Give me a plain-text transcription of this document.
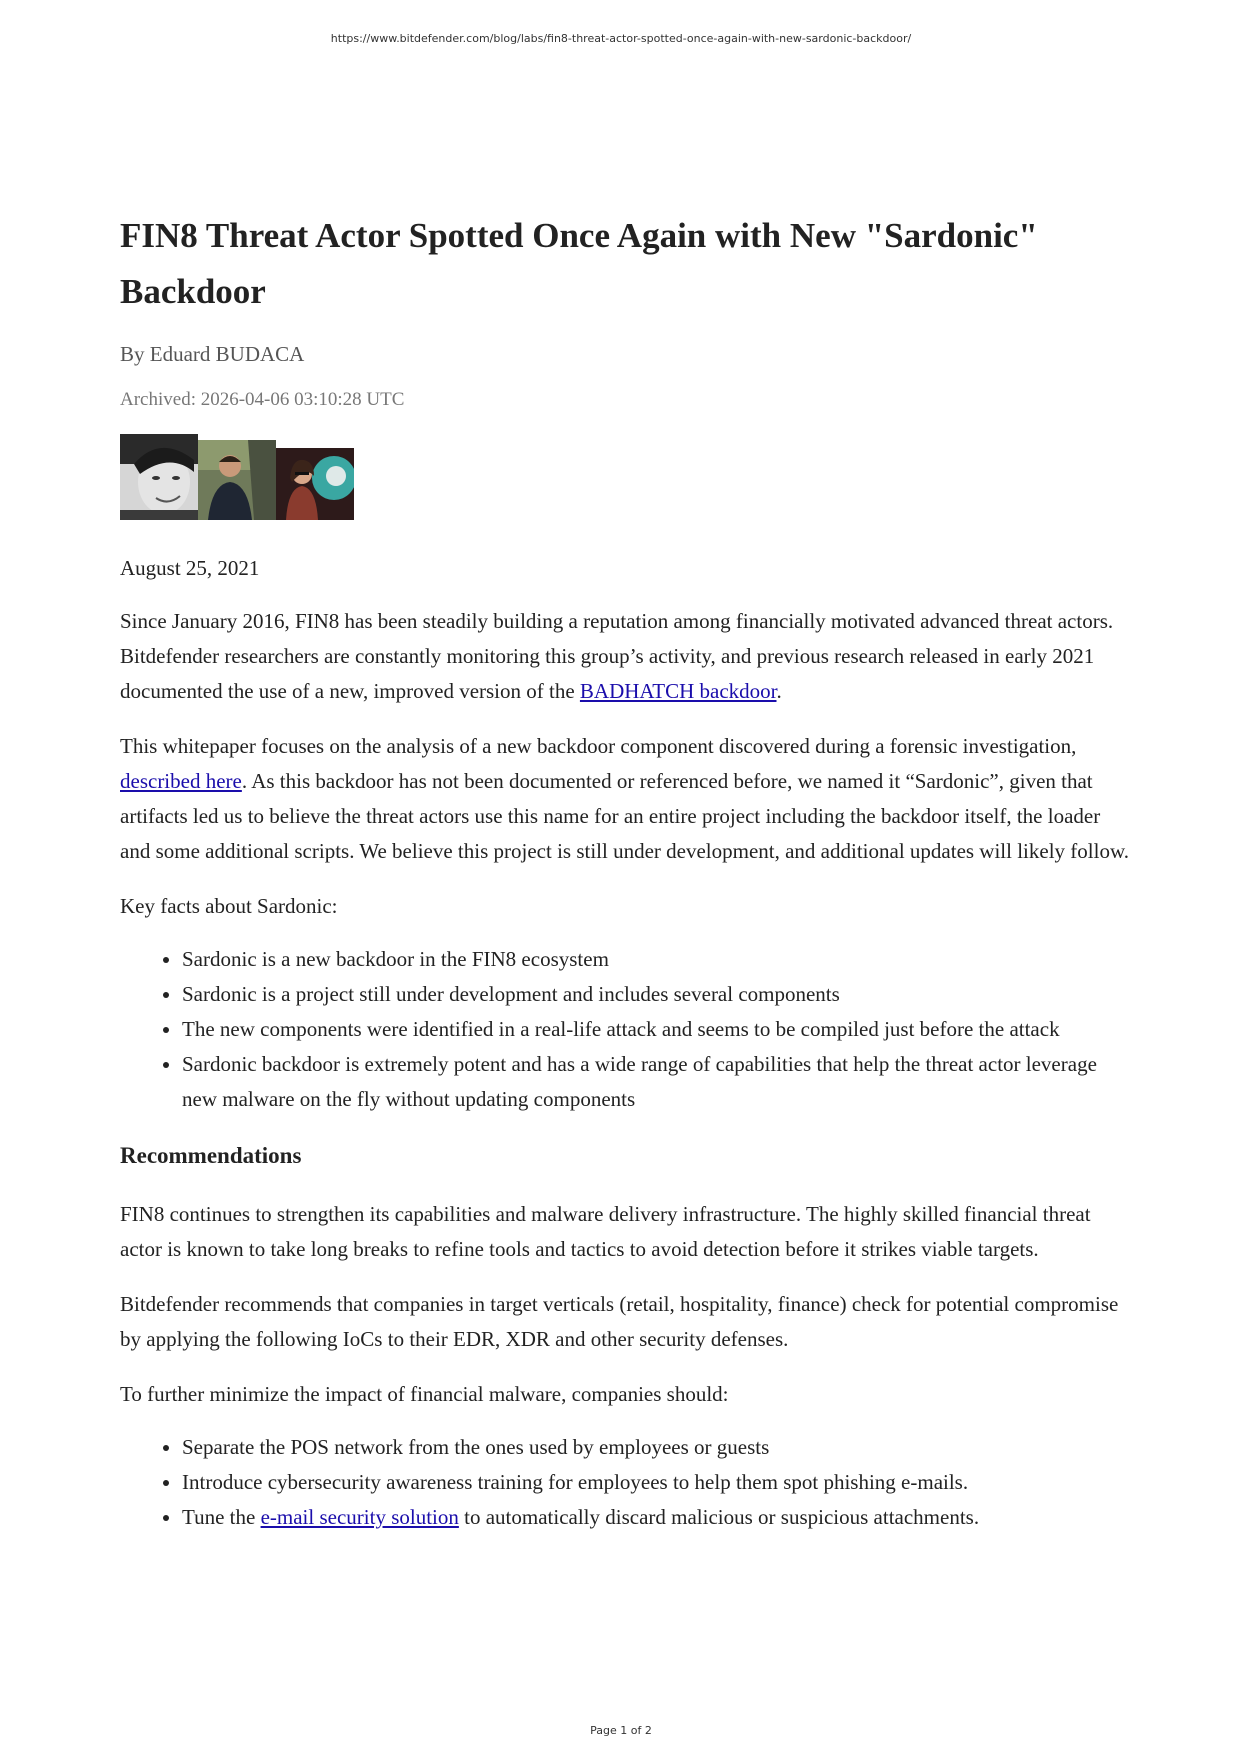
https://www.bitdefender.com/blog/labs/fin8-threat-actor-spotted-once-again-with-new-sardonic-backdoor/
FIN8 Threat Actor Spotted Once Again with New "Sardonic" Backdoor
By Eduard BUDACA
Archived: 2026-04-06 03:10:28 UTC
August 25, 2021

Since January 2016, FIN8 has been steadily building a reputation among financially motivated advanced threat actors. Bitdefender researchers are constantly monitoring this group’s activity, and previous research released in early 2021 documented the use of a new, improved version of the BADHATCH backdoor.

This whitepaper focuses on the analysis of a new backdoor component discovered during a forensic investigation, described here. As this backdoor has not been documented or referenced before, we named it “Sardonic”, given that artifacts led us to believe the threat actors use this name for an entire project including the backdoor itself, the loader and some additional scripts. We believe this project is still under development, and additional updates will likely follow.

Key facts about Sardonic:

• Sardonic is a new backdoor in the FIN8 ecosystem
• Sardonic is a project still under development and includes several components
• The new components were identified in a real-life attack and seems to be compiled just before the attack
• Sardonic backdoor is extremely potent and has a wide range of capabilities that help the threat actor leverage new malware on the fly without updating components
Recommendations

FIN8 continues to strengthen its capabilities and malware delivery infrastructure. The highly skilled financial threat actor is known to take long breaks to refine tools and tactics to avoid detection before it strikes viable targets.

Bitdefender recommends that companies in target verticals (retail, hospitality, finance) check for potential compromise by applying the following IoCs to their EDR, XDR and other security defenses.

To further minimize the impact of financial malware, companies should:

• Separate the POS network from the ones used by employees or guests
• Introduce cybersecurity awareness training for employees to help them spot phishing e-mails.
• Tune the e-mail security solution to automatically discard malicious or suspicious attachments.
Page 1 of 2
